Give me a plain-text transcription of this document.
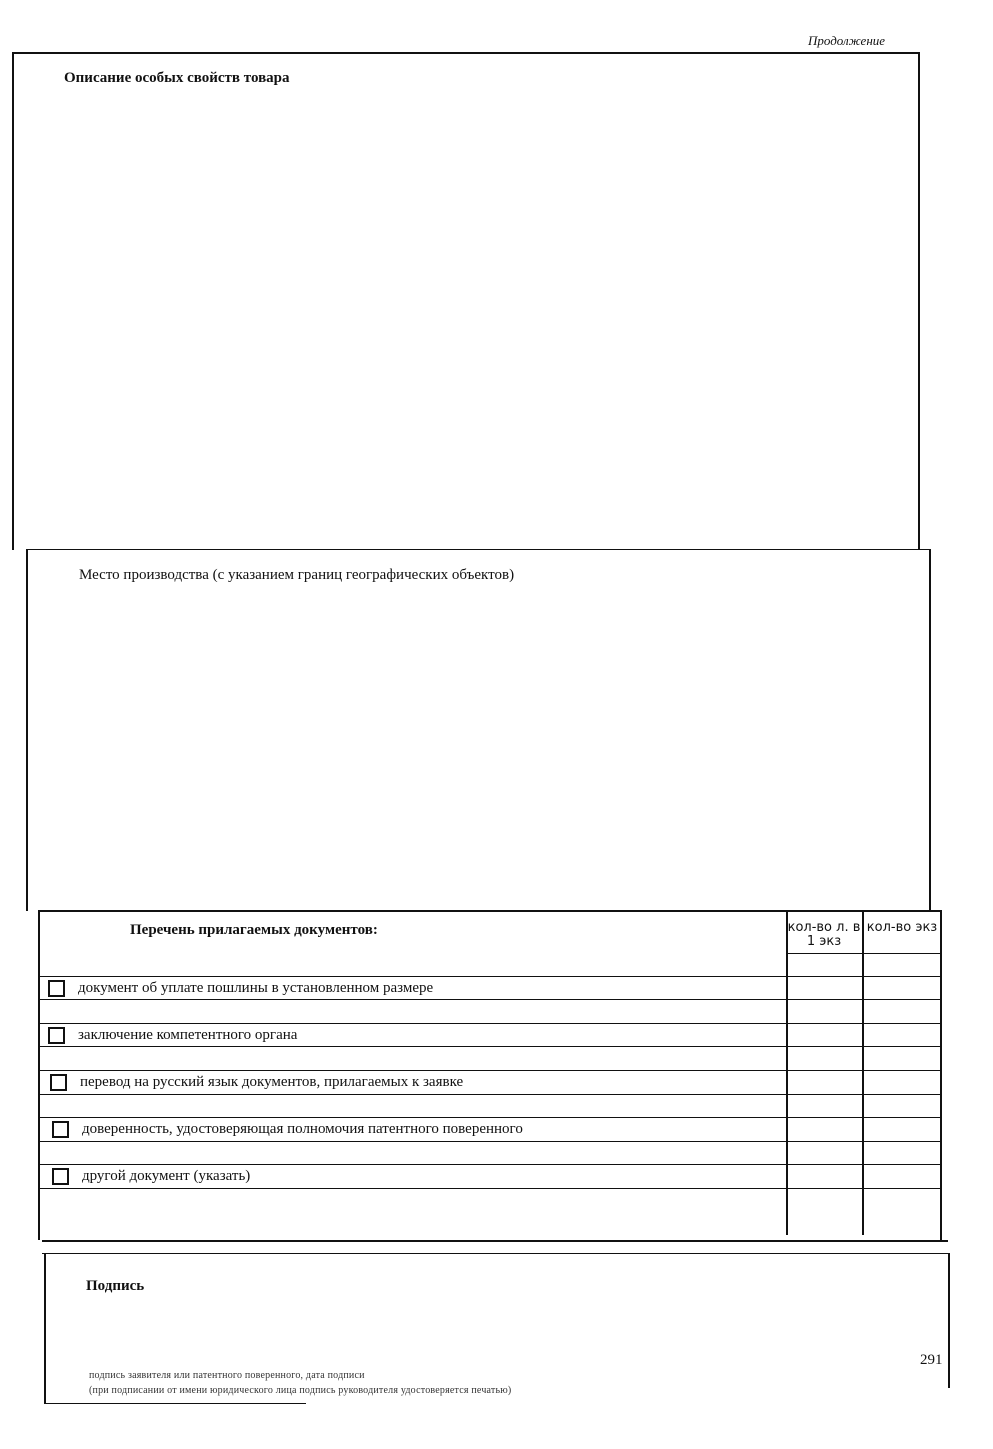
Продолжение
Описание особых свойств товара
Место производства (с указанием границ географических объектов)
Перечень прилагаемых документов:	кол-во л. в 1 экз
кол-во экз
документ об уплате пошлины в установленном размере
заключение компетентного органа
перевод на русский язык документов, прилагаемых к заявке
доверенность, удостоверяющая полномочия патентного поверенного
другой документ (указать)
Подпись
подпись заявителя или патентного поверенного, дата подписи
(при подписании от имени юридического лица подпись руководителя удостоверяется печатью)
291
